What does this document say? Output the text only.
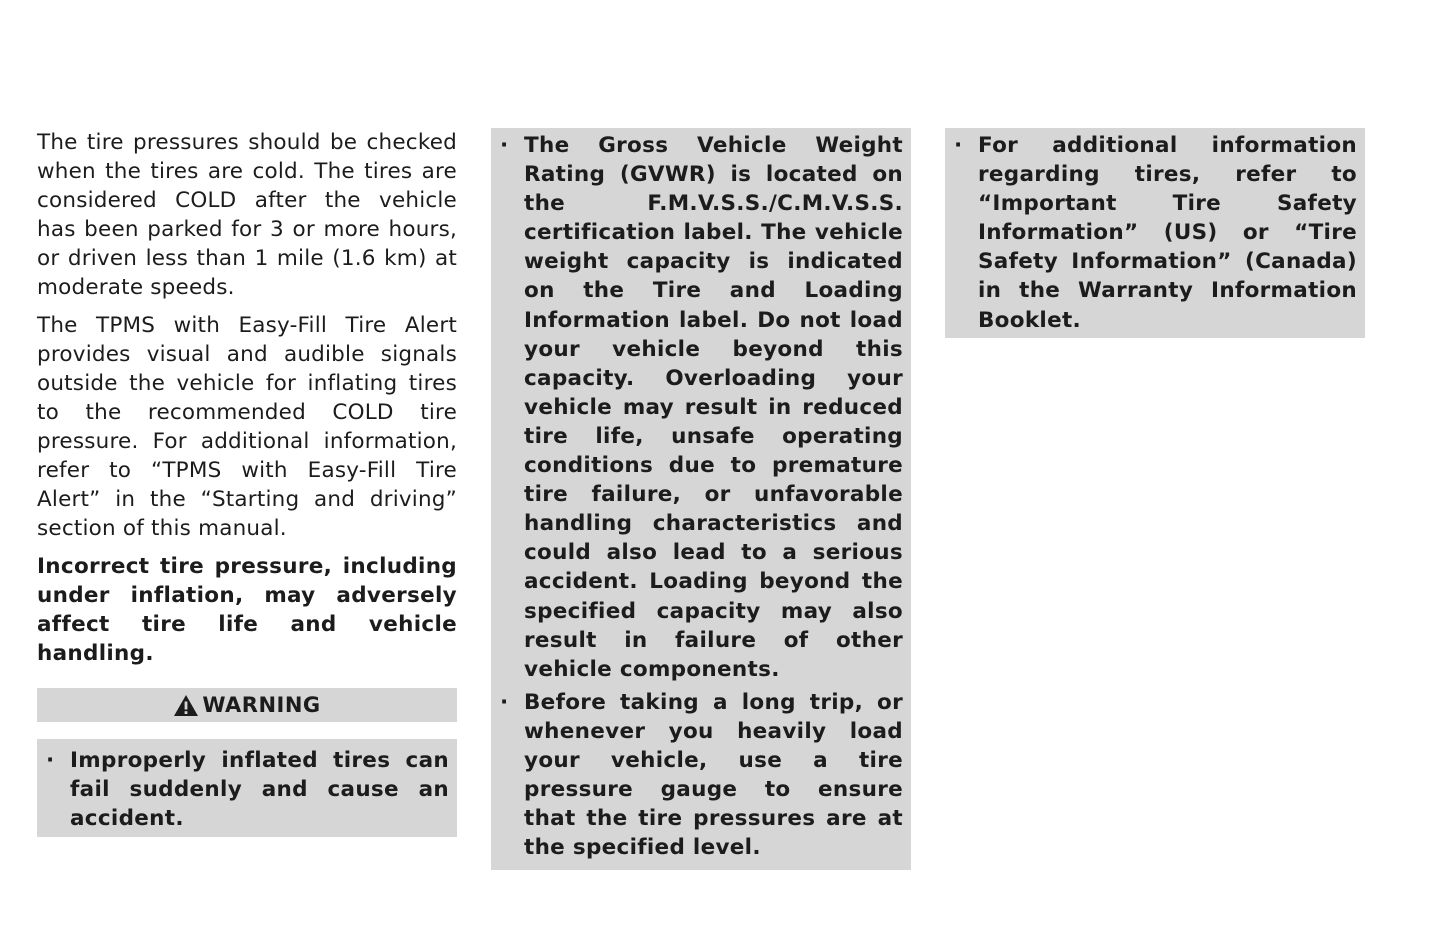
The tire pressures should be checked when the tires are cold. The tires are considered COLD after the vehicle has been parked for 3 or more hours, or driven less than 1 mile (1.6 km) at moderate speeds.

The TPMS with Easy-Fill Tire Alert provides visual and audible signals outside the vehicle for inflating tires to the recommended COLD tire pressure. For additional information, refer to “TPMS with Easy-Fill Tire Alert” in the “Starting and driving” section of this manual.

Incorrect tire pressure, including under inflation, may adversely affect tire life and vehicle handling.

WARNING
· Improperly inflated tires can fail suddenly and cause an accident.
· The Gross Vehicle Weight Rating (GVWR) is located on the F.M.V.S.S./C.M.V.S.S. certification label. The vehicle weight capacity is indicated on the Tire and Loading Information label. Do not load your vehicle beyond this capacity. Overloading your vehicle may result in reduced tire life, unsafe operating conditions due to premature tire failure, or unfavorable handling characteristics and could also lead to a serious accident. Loading beyond the specified capacity may also result in failure of other vehicle components.
· Before taking a long trip, or whenever you heavily load your vehicle, use a tire pressure gauge to ensure that the tire pressures are at the specified level.
· For additional information regarding tires, refer to “Important Tire Safety Information” (US) or “Tire Safety Information” (Canada) in the Warranty Information Booklet.
